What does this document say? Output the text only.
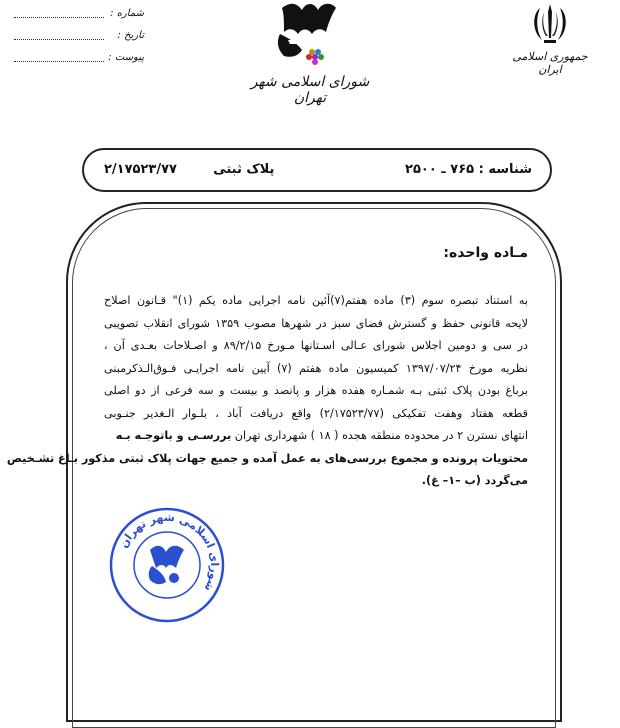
شماره :
تاریخ :
پیوست :
شورای اسلامی شهر تهران
جمهوری اسلامی ایران
شناسه : ۷۶۵ ـ ۲۵۰۰
پلاک ثبتی        ۲/۱۷۵۲۳/۷۷
مـاده واحده:
به استناد تبصره سوم (۳) ماده هفتم(۷)آئین نامه اجرایی ماده یکم (۱)" قـانون اصلاح
لایحه قانونی حفظ و گسترش فضای سبز در شهرها مصوب ۱۳۵۹ شورای انقلاب تصویبی
در سی و دومین اجلاس شورای عـالی اسـتانها مـورخ ۸۹/۲/۱۵ و اصـلاحات بعـدی آن ،
نظریه مورخ ۱۳۹۷/۰۷/۲۴ کمیسیون ماده هفتم (۷) آیین نامه اجرایـی فـوق‌الـذکرمبنی
برباغ بودن پلاک ثبتی بـه شمـاره هفده هزار و پانصد و بیست و سه فرعی از دو اصلی
قطعه هفتاد وهفت تفکیکی (۲/۱۷۵۲۳/۷۷) واقع دریافت آباد ، بلـوار الـغدیر جنـوبی
انتهای نسترن ۲ در محدوده منطقه هجده ( ۱۸ ) شهرداری تهران بررسـی و باتوجـه بـه
محتویات پرونده و مجموع بررسی‌های به عمل آمده و جمیع جهات پلاک ثبتی مذکور بـاغ تشـخیص
می‌گردد (ب –۱– غ).
شورای اسلامی شهر تهران
